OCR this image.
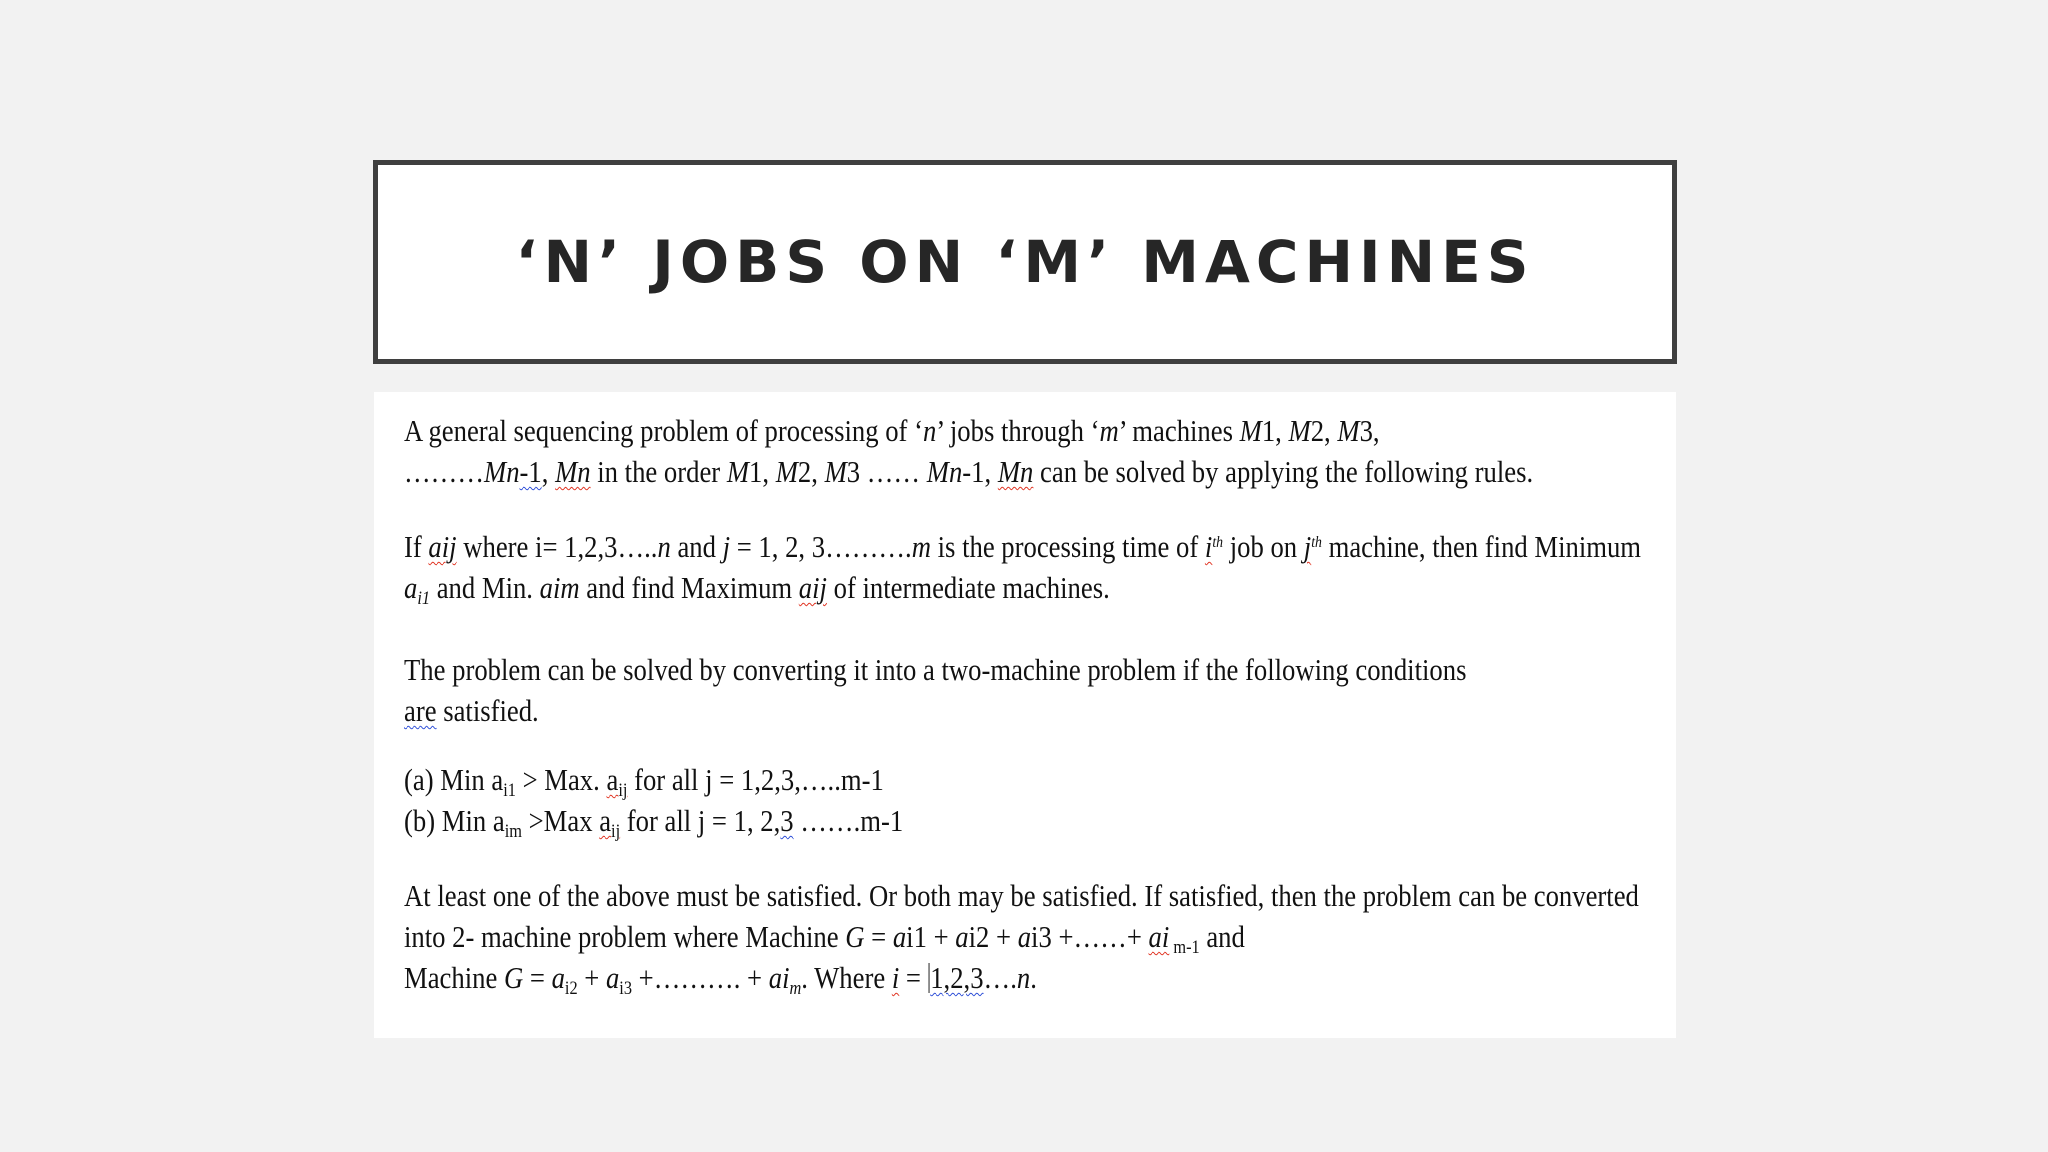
‘N’ JOBS ON ‘M’ MACHINES
A general sequencing problem of processing of ‘n’ jobs through ‘m’ machines M1, M2, M3,
………Mn-1, Mn in the order M1, M2, M3 …… Mn-1, Mn can be solved by applying the following rules.
If aij where i= 1,2,3…..n and j = 1, 2, 3……….m is the processing time of $i^{th}$ job on $j^{th}$ machine, then find Minimum
$a_{i1}$ and Min. aim and find Maximum aij of intermediate machines.
The problem can be solved by converting it into a two-machine problem if the following conditions
are satisfied.
(a) Min $a_{i1}$ > Max. $a_{ij}$ for all j = 1,2,3,…..m-1
(b) Min $a_{im} >Max$ $a_{ij}$ for all j = 1, 2,3 …….m-1
At least one of the above must be satisfied. Or both may be satisfied. If satisfied, then the problem can be converted
into 2- machine problem where Machine G = ai1 + ai2 + ai3 +……+ ai $_{m-1}$ and
Machine $G = a_{i2} + a_{i3}$ +………. + $ai_m$. Where i = 1,2,3….n.
